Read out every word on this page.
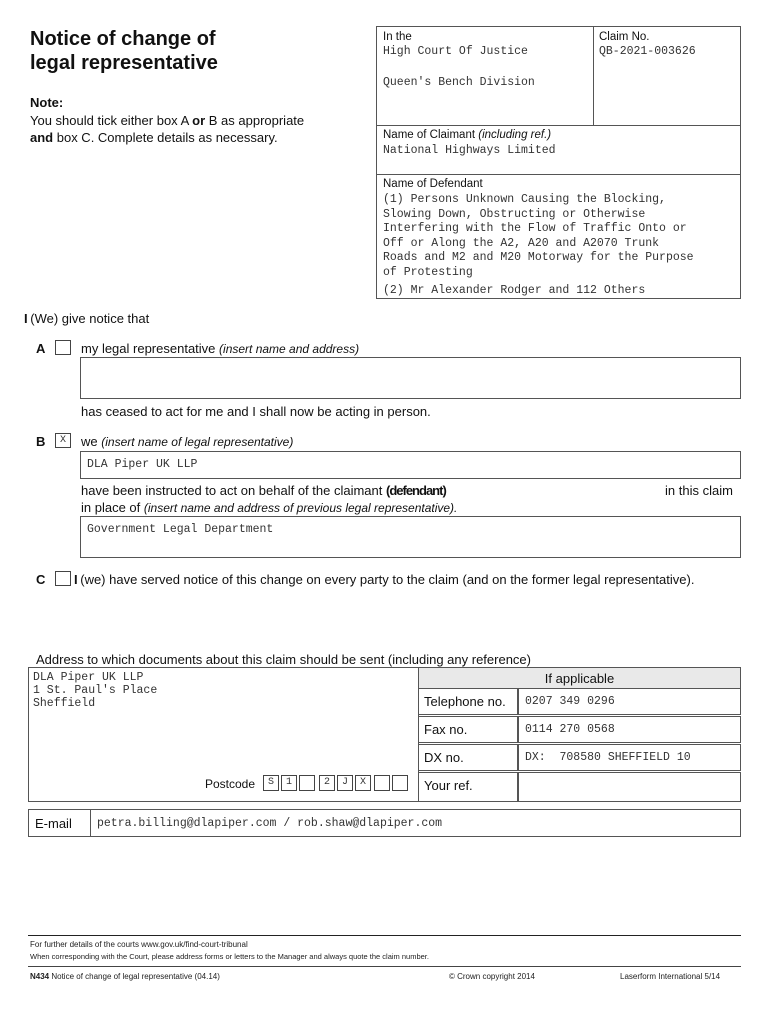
Notice of change of
legal representative
Note:
You should tick either box A or B as appropriate
and box C. Complete details as necessary.
In the
High Court Of Justice
Queen's Bench Division
Claim No.
QB-2021-003626
Name of Claimant (including ref.)
National Highways Limited
Name of Defendant
(1) Persons Unknown Causing the Blocking,
Slowing Down, Obstructing or Otherwise
Interfering with the Flow of Traffic Onto or
Off or Along the A2, A20 and A2070 Trunk
Roads and M2 and M20 Motorway for the Purpose
of Protesting
(2) Mr Alexander Rodger and 112 Others
I (We) give notice that
A	my legal representative (insert name and address)
has ceased to act for me and I shall now be acting in person.
B	X	we (insert name of legal representative)
DLA Piper UK LLP
have been instructed to act on behalf of the claimant (defendant)	in this claim
in place of (insert name and address of previous legal representative).
Government Legal Department
C I (we) have served notice of this change on every party to the claim (and on the former legal representative).
Address to which documents about this claim should be sent (including any reference)
DLA Piper UK LLP
1 St. Paul's Place
Sheffield
Postcode	S	1	2	J	X
If applicable
Telephone no.	0207 349 0296
Fax no.	0114 270 0568
DX no.	DX:  708580 SHEFFIELD 10
Your ref.
E-mail	petra.billing@dlapiper.com / rob.shaw@dlapiper.com
For further details of the courts www.gov.uk/find-court-tribunal
When corresponding with the Court, please address forms or letters to the Manager and always quote the claim number.
N434 Notice of change of legal representative (04.14)	© Crown copyright 2014	Laserform International 5/14
